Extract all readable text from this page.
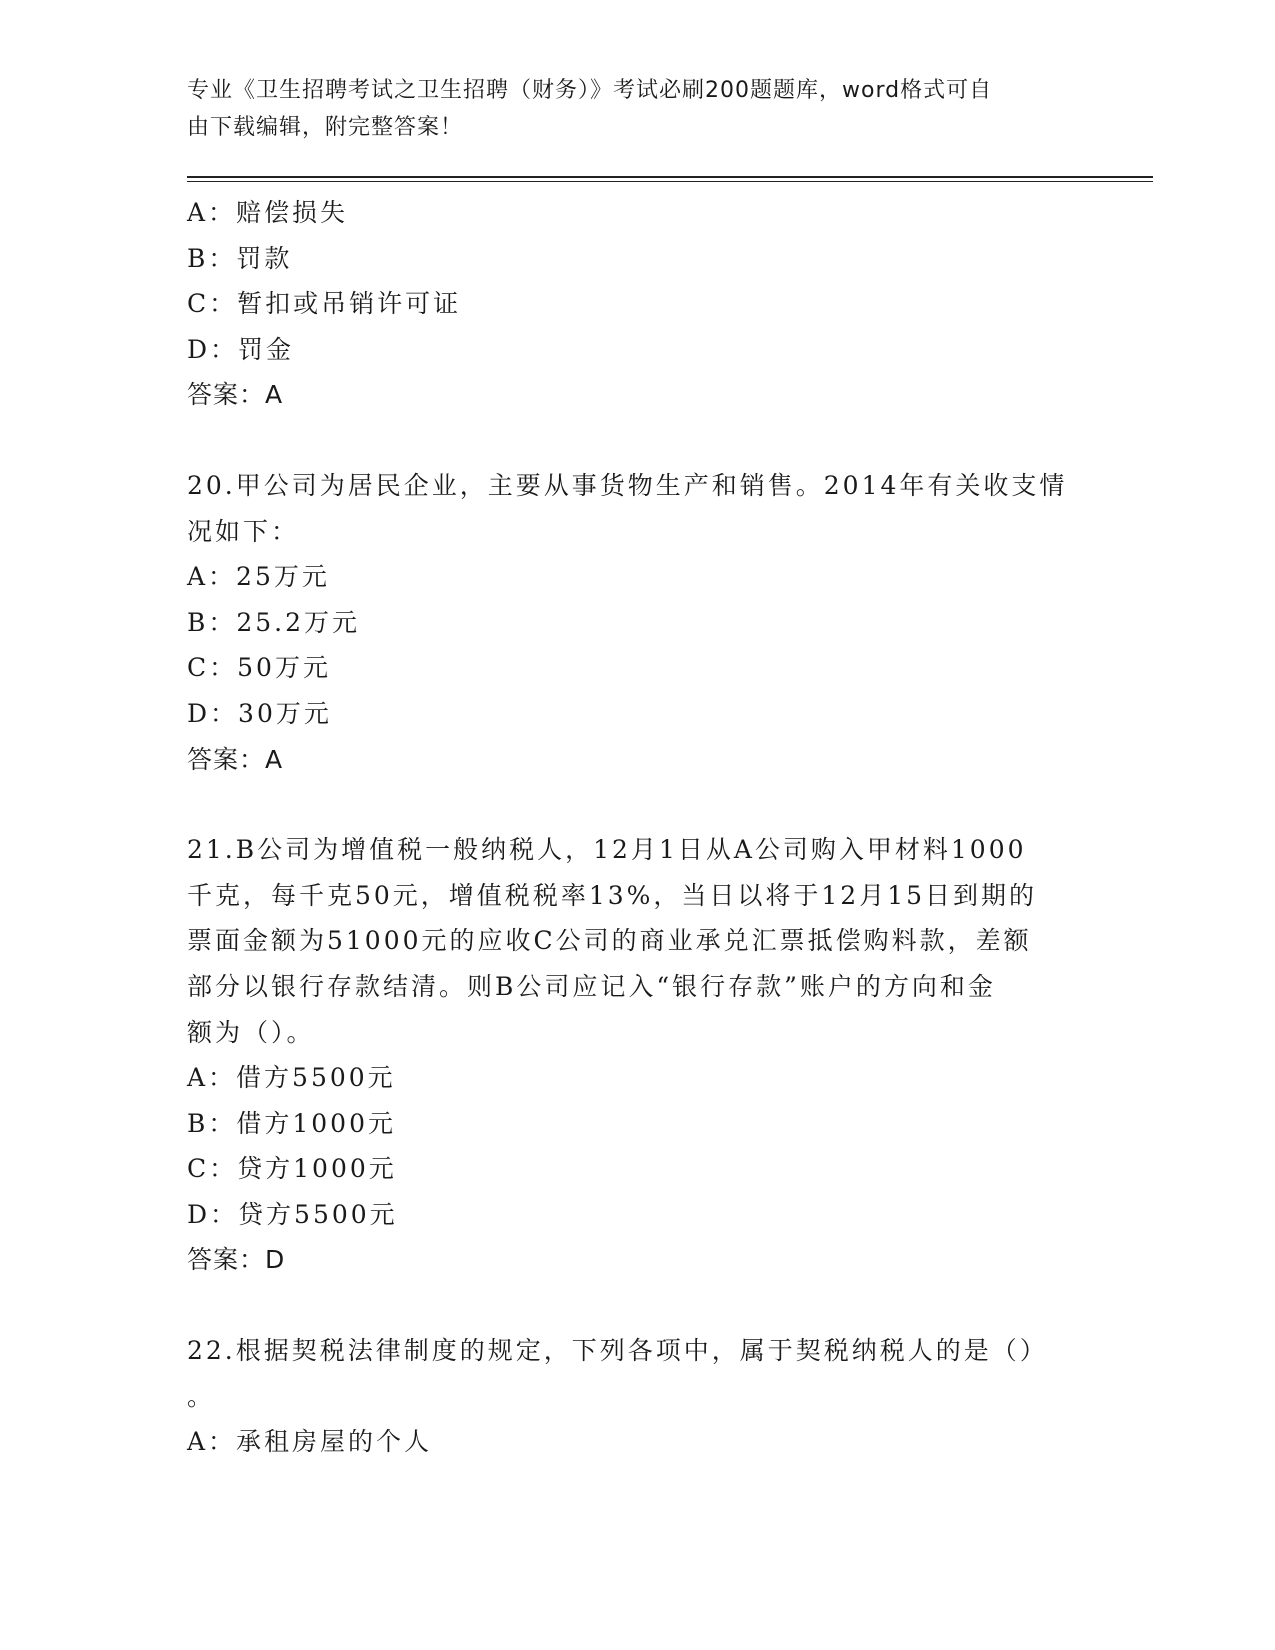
专业《卫生招聘考试之卫生招聘（财务）》考试必刷200题题库，word格式可自
由下载编辑，附完整答案！
A：赔偿损失
B：罚款
C：暂扣或吊销许可证
D：罚金
答案：A
20.甲公司为居民企业，主要从事货物生产和销售。2014年有关收支情
况如下：
A：25万元
B：25.2万元
C：50万元
D：30万元
答案：A
21.B公司为增值税一般纳税人，12月1日从A公司购入甲材料1000
千克，每千克50元，增值税税率13%，当日以将于12月15日到期的
票面金额为51000元的应收C公司的商业承兑汇票抵偿购料款，差额
部分以银行存款结清。则B公司应记入“银行存款”账户的方向和金
额为（）。
A：借方5500元
B：借方1000元
C：贷方1000元
D：贷方5500元
答案：D
22.根据契税法律制度的规定，下列各项中，属于契税纳税人的是（）
。
A：承租房屋的个人
